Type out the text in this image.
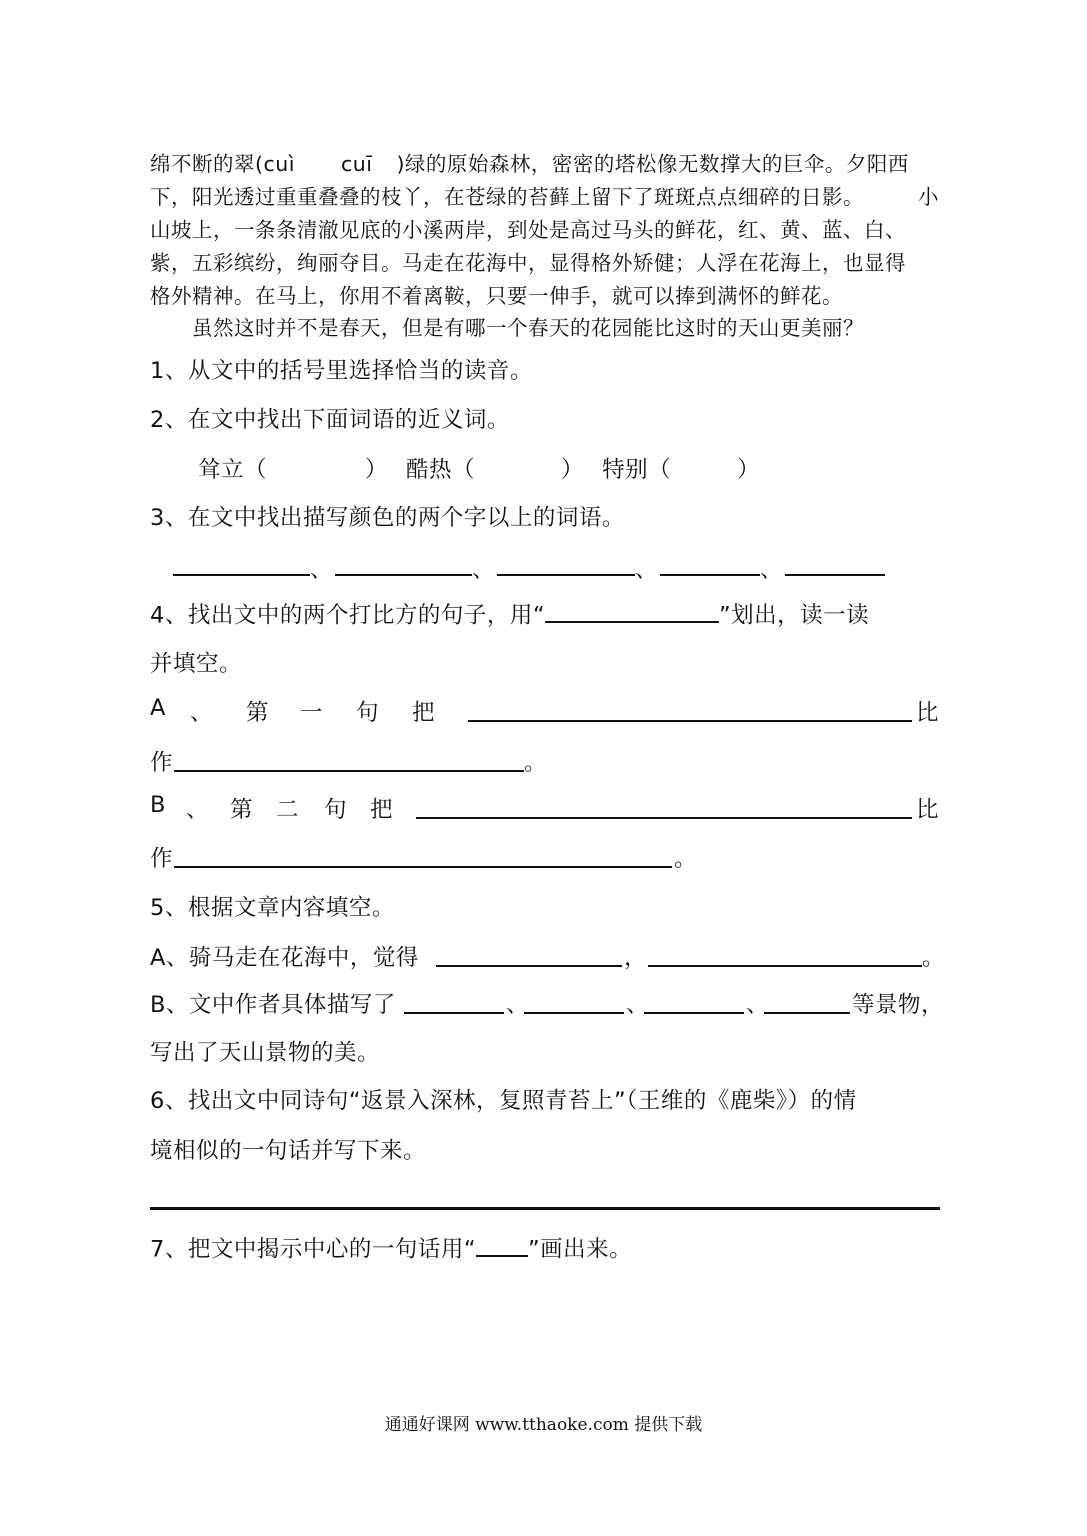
绵不断的翠(cuì cuī )绿的原始森林，密密的塔松像无数撑大的巨伞。夕阳西
下，阳光透过重重叠叠的枝丫，在苍绿的苔藓上留下了斑斑点点细碎的日影。	小
山坡上，一条条清澈见底的小溪两岸，到处是高过马头的鲜花，红、黄、蓝、白、
紫，五彩缤纷，绚丽夺目。马走在花海中，显得格外矫健；人浮在花海上，也显得
格外精神。在马上，你用不着离鞍，只要一伸手，就可以捧到满怀的鲜花。
虽然这时并不是春天，但是有哪一个春天的花园能比这时的天山更美丽？
1、从文中的括号里选择恰当的读音。
2、在文中找出下面词语的近义词。
耸立（	） 酷热（	） 特别（	）
3、在文中找出描写颜色的两个字以上的词语。
、	、	、	、
4、找出文中的两个打比方的句子，用“	”划出，读一读
并填空。
A 、 第 一 句 把	比
作	。
B 、 第 二 句 把	比
作	。
5、根据文章内容填空。
A、骑马走在花海中，觉得	，	。
B、文中作者具体描写了	、	、	、	等景物，
写出了天山景物的美。
6、找出文中同诗句“返景入深林，复照青苔上”（王维的《鹿柴》）的情
境相似的一句话并写下来。
7、把文中揭示中心的一句话用“ ”画出来。
通通好课网 www.tthaoke.com 提供下载
